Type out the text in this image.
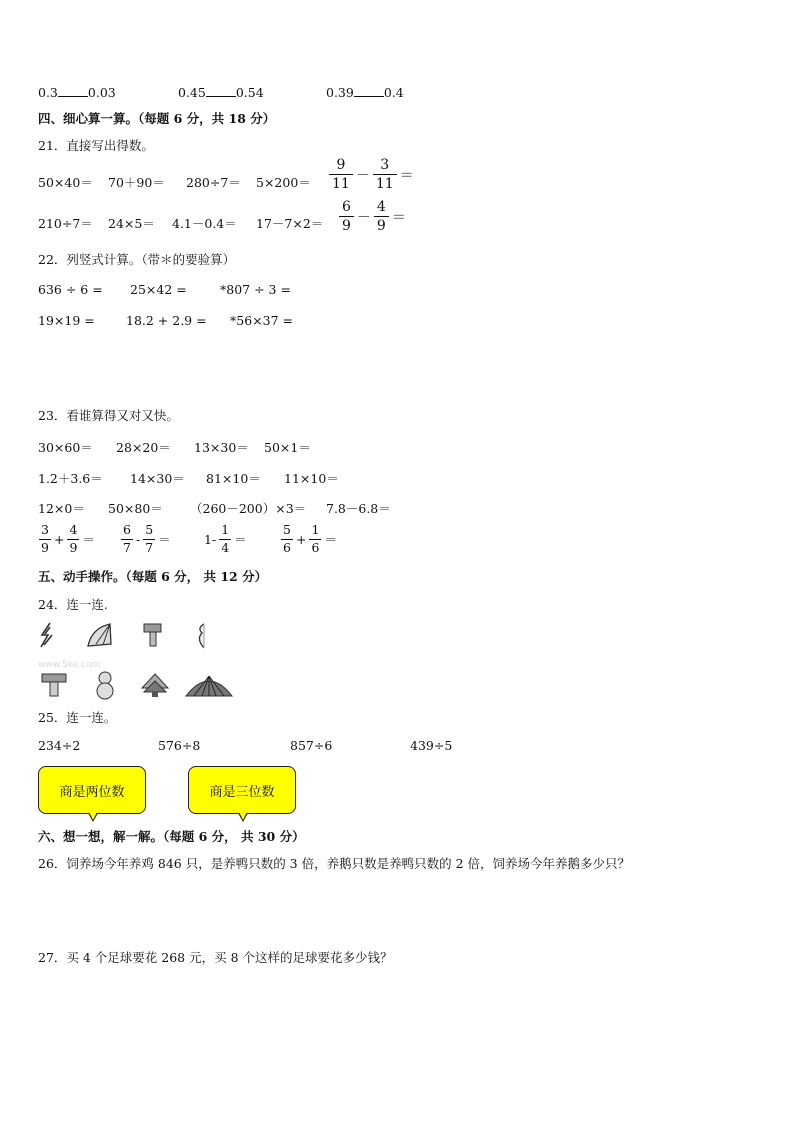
0.3 0.03	0.45 0.54	0.39 0.4
四、细心算一算。（每题 6 分，共 18 分）
21．直接写出得数。
$50\times 40= 70+90= 280\div 7= 5\times 200= \frac{9}{11} - \frac{3}{11}$ ＝
$210\div 7= 24\times 5= 4.1-0.4= 17-7\times 2= \frac{6}{9} - \frac{4}{9}$ ＝
22．列竖式计算。（带＊的要验算）
636 ÷ 6 = 25×42 =	*807 ÷ 3 =
19×19 =	18.2 + 2.9 = *56×37 =
23．看谁算得又对又快。
30×60＝ 28×20＝ 13×30＝ 50×1＝
1.2＋3.6＝ 14×30＝ 81×10＝ 11×10＝
12×0＝ 50×80＝ （260－200）×3＝ 7.8－6.8＝
$\frac{3}{9} + \frac{4}{9} = \frac{6}{7} - \frac{5}{7}$ ＝	$1- \frac{1}{4}$ ＝	$\frac{5}{6} + \frac{1}{6}$ ＝
五、动手操作。（每题 6 分， 共 12 分）
24．连一连.
www.5ke.com
25．连一连。
234÷2	576÷8	857÷6	439÷5
商是两位数	商是三位数
六、想一想，解一解。（每题 6 分， 共 30 分）
26．饲养场今年养鸡 846 只，是养鸭只数的 3 倍，养鹅只数是养鸭只数的 2 倍，饲养场今年养鹅多少只？
27．买 4 个足球要花 268 元，买 8 个这样的足球要花多少钱？
